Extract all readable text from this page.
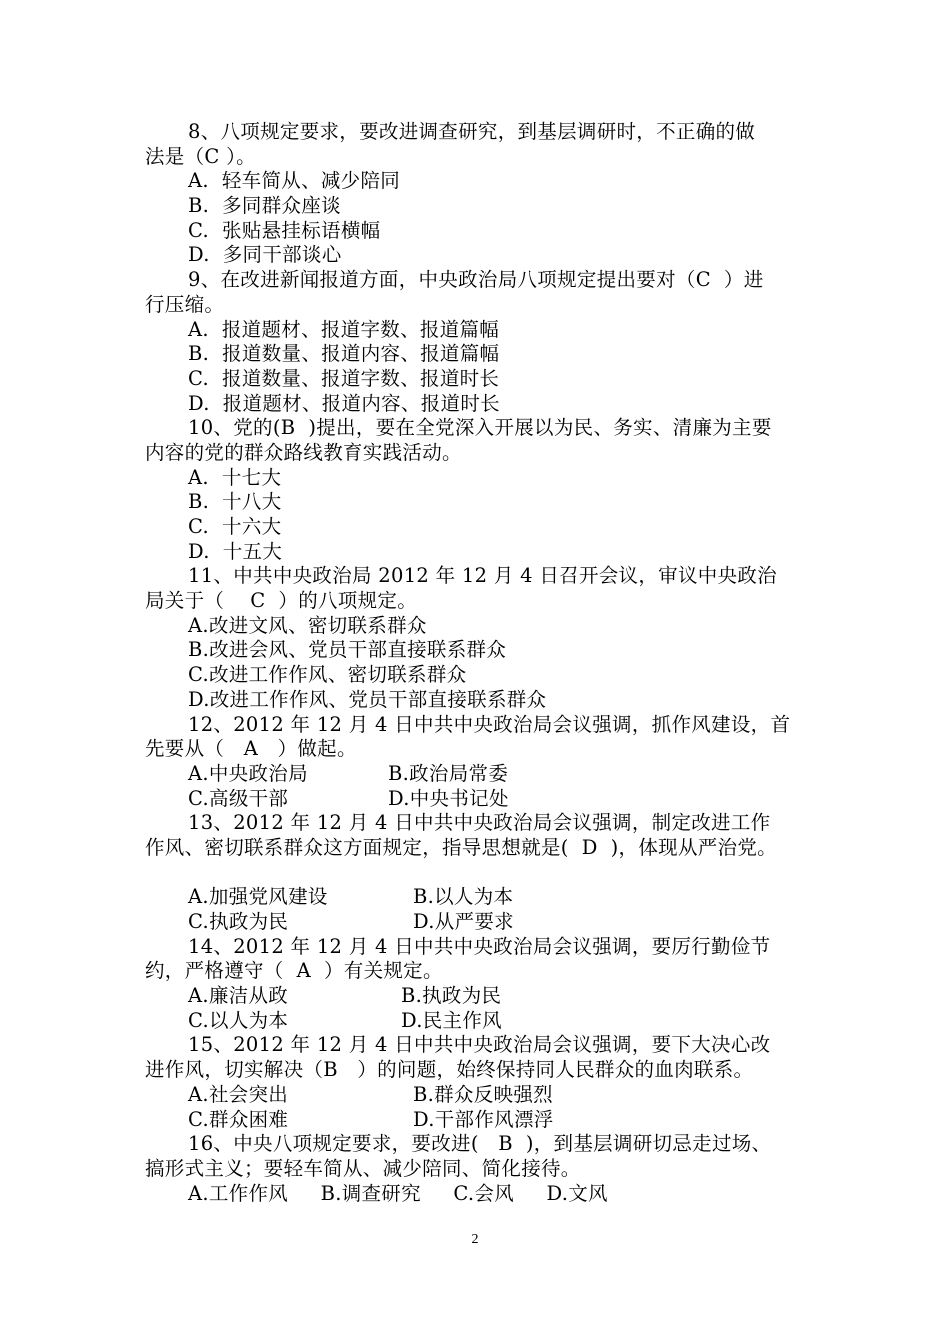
8、八项规定要求，要改进调查研究，到基层调研时，不正确的做
法是（C ）。
A.  轻车简从、减少陪同
B.  多同群众座谈
C.  张贴悬挂标语横幅
D.  多同干部谈心
9、在改进新闻报道方面，中央政治局八项规定提出要对（C  ）进
行压缩。
A.  报道题材、报道字数、报道篇幅
B.  报道数量、报道内容、报道篇幅
C.  报道数量、报道字数、报道时长
D.  报道题材、报道内容、报道时长
10、党的(B  )提出，要在全党深入开展以为民、务实、清廉为主要
内容的党的群众路线教育实践活动。
A.  十七大
B.  十八大
C.  十六大
D.  十五大
11、中共中央政治局 2012 年 12 月 4 日召开会议，审议中央政治
局关于（    C  ）的八项规定。
A.改进文风、密切联系群众
B.改进会风、党员干部直接联系群众
C.改进工作作风、密切联系群众
D.改进工作作风、党员干部直接联系群众
12、2012 年 12 月 4 日中共中央政治局会议强调，抓作风建设，首
先要从（   A   ）做起。
A.中央政治局	B.政治局常委
C.高级干部	D.中央书记处
13、2012 年 12 月 4 日中共中央政治局会议强调，制定改进工作
作风、密切联系群众这方面规定，指导思想就是(  D  )，体现从严治党。
A.加强党风建设	B.以人为本
C.执政为民	D.从严要求
14、2012 年 12 月 4 日中共中央政治局会议强调，要厉行勤俭节
约，严格遵守（  A  ）有关规定。
A.廉洁从政	B.执政为民
C.以人为本	D.民主作风
15、2012 年 12 月 4 日中共中央政治局会议强调，要下大决心改
进作风，切实解决（B   ）的问题，始终保持同人民群众的血肉联系。
A.社会突出	B.群众反映强烈
C.群众困难	D.干部作风漂浮
16、中央八项规定要求，要改进(   B  )，到基层调研切忌走过场、
搞形式主义；要轻车简从、减少陪同、简化接待。
A.工作作风     B.调查研究     C.会风     D.文风
2
